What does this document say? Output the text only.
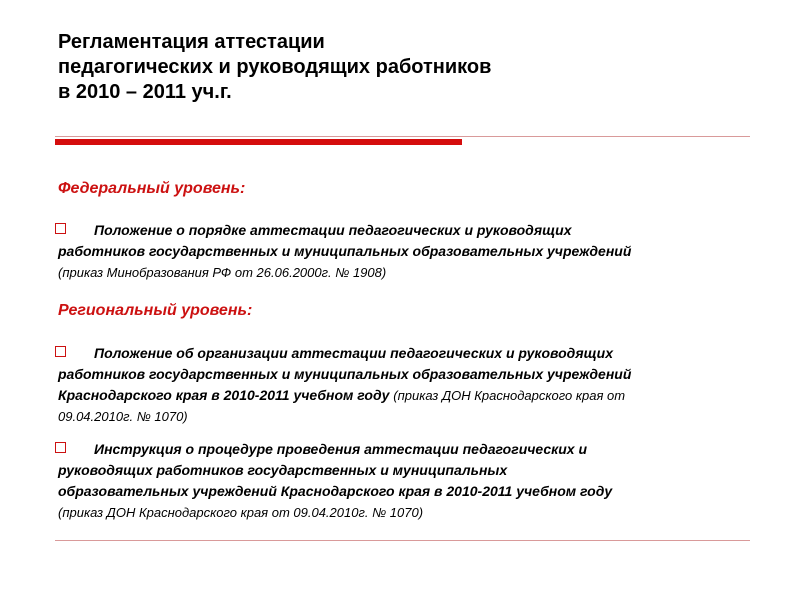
Регламентация аттестации
педагогических и руководящих работников
в 2010 – 2011 уч.г.
Федеральный уровень:
Положение о порядке аттестации педагогических и руководящих
работников государственных и муниципальных образовательных учреждений
(приказ Минобразования РФ от 26.06.2000г. № 1908)
Региональный уровень:
Положение об организации аттестации педагогических и руководящих
работников государственных и муниципальных образовательных учреждений
Краснодарского края в 2010-2011 учебном году (приказ ДОН Краснодарского края от
09.04.2010г. № 1070)
Инструкция о процедуре проведения аттестации педагогических и
руководящих работников государственных и муниципальных
образовательных учреждений Краснодарского края в 2010-2011 учебном году
(приказ ДОН Краснодарского края от 09.04.2010г. № 1070)
